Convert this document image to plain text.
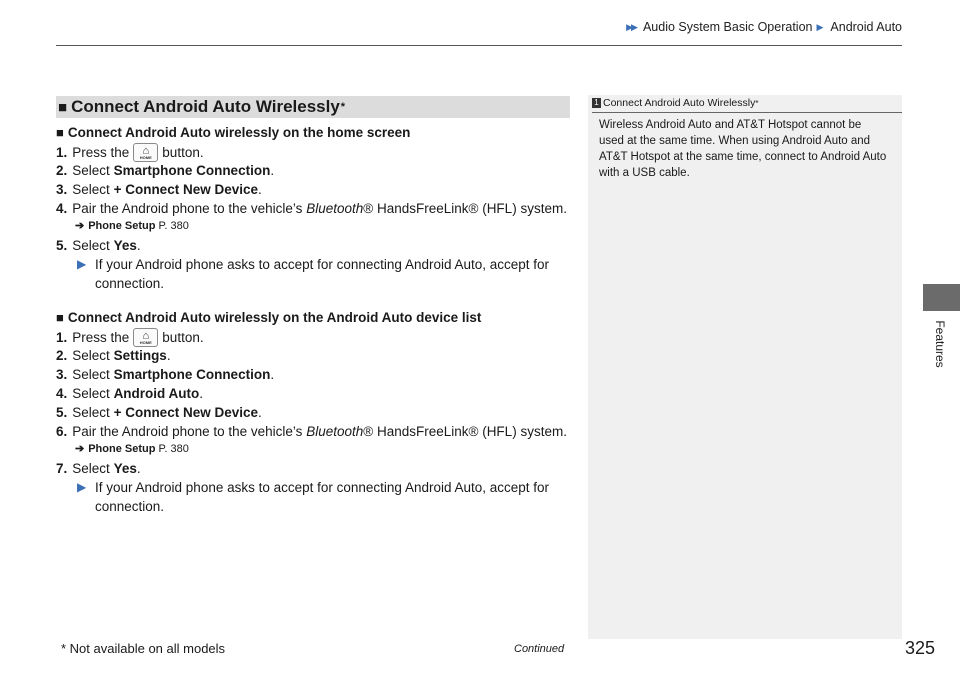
▶▶ Audio System Basic Operation ▶ Android Auto
Features
■ Connect Android Auto Wirelessly *
■ Connect Android Auto wirelessly on the home screen
1. Press the ⌂
HOME button.
2. Select
Smartphone Connection .
3. Select
+ Connect New Device .
4. Pair the Android phone to the vehicle’s
Bluetooth ® HandsFreeLink® (HFL) system.
➔ Phone Setup P. 380
5. Select
Yes .
▶ If your Android phone asks to accept for connecting Android Auto, accept for connection.
■ Connect Android Auto wirelessly on the Android Auto device list
1. Press the ⌂
HOME button.
2. Select
Settings .
3. Select
Smartphone Connection .
4. Select
Android Auto .
5. Select
+ Connect New Device .
6. Pair the Android phone to the vehicle’s
Bluetooth ® HandsFreeLink® (HFL) system.
➔ Phone Setup P. 380
7. Select
Yes .
▶ If your Android phone asks to accept for connecting Android Auto, accept for connection.
1 Connect Android Auto Wirelessly *
Wireless Android Auto and AT&T Hotspot cannot be used at the same time. When using Android Auto and AT&T Hotspot at the same time, connect to Android Auto with a USB cable.
* Not available on all models	Continued	325
